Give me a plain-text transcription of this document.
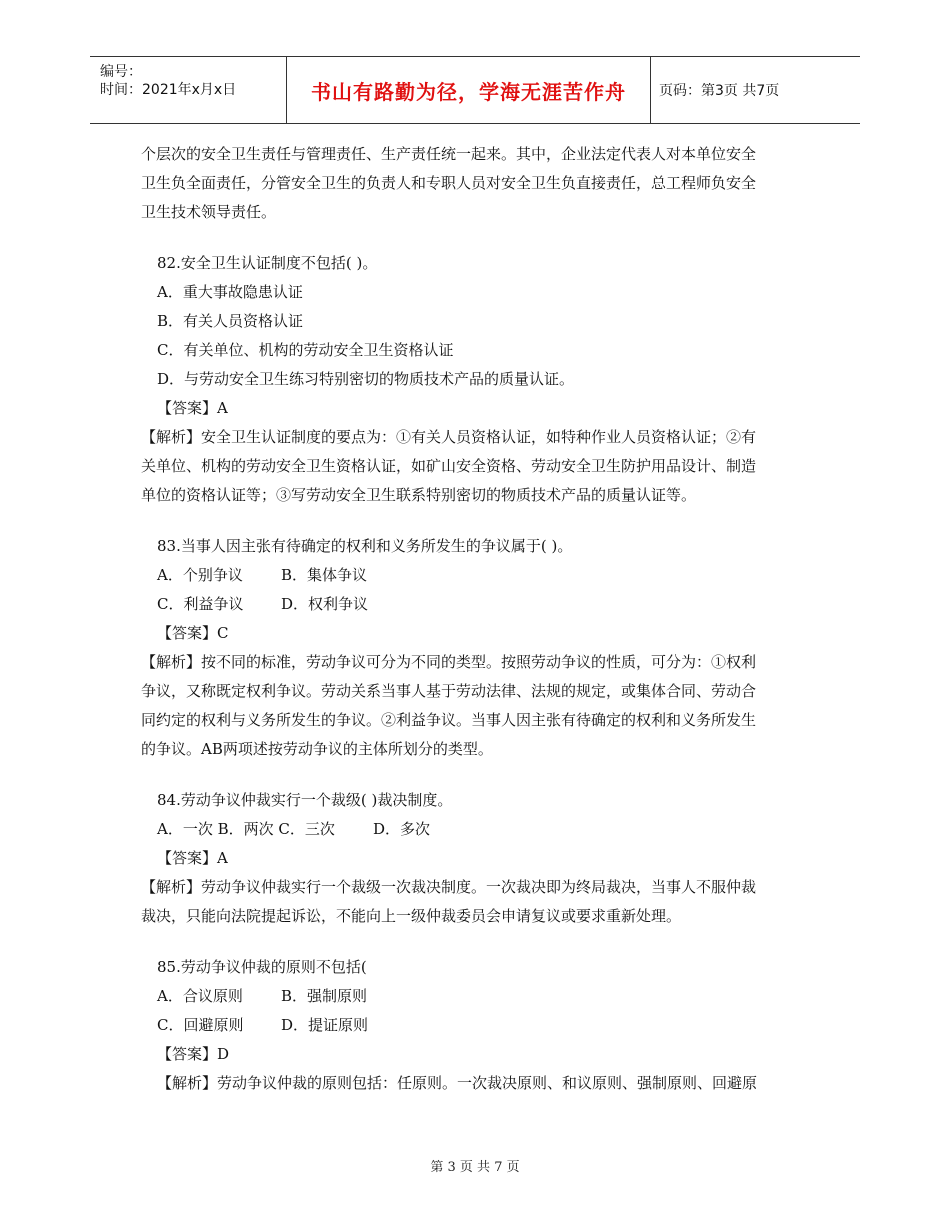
编号：
时间：2021年x月x日	书山有路勤为径，学海无涯苦作舟 页码：第3页 共7页

个层次的安全卫生责任与管理责任、生产责任统一起来。其中，企业法定代表人对本单位安全

卫生负全面责任，分管安全卫生的负责人和专职人员对安全卫生负直接责任，总工程师负安全

卫生技术领导责任。

82.安全卫生认证制度不包括( )。

A．重大事故隐患认证

B．有关人员资格认证

C．有关单位、机构的劳动安全卫生资格认证

D．与劳动安全卫生练习特别密切的物质技术产品的质量认证。

【答案】A

【解析】安全卫生认证制度的要点为：①有关人员资格认证，如特种作业人员资格认证；②有

关单位、机构的劳动安全卫生资格认证，如矿山安全资格、劳动安全卫生防护用品设计、制造

单位的资格认证等；③写劳动安全卫生联系特别密切的物质技术产品的质量认证等。

83.当事人因主张有待确定的权利和义务所发生的争议属于( )。

A．个别争议	B．集体争议
C．利益争议	D．权利争议

【答案】C

【解析】按不同的标准，劳动争议可分为不同的类型。按照劳动争议的性质，可分为：①权利

争议，又称既定权利争议。劳动关系当事人基于劳动法律、法规的规定，或集体合同、劳动合

同约定的权利与义务所发生的争议。②利益争议。当事人因主张有待确定的权利和义务所发生

的争议。AB两项述按劳动争议的主体所划分的类型。

84.劳动争议仲裁实行一个裁级( )裁决制度。

A．一次 B．两次 C．三次        D．多次

【答案】A

【解析】劳动争议仲裁实行一个裁级一次裁决制度。一次裁决即为终局裁决，当事人不服仲裁

裁决，只能向法院提起诉讼，不能向上一级仲裁委员会申请复议或要求重新处理。

85.劳动争议仲裁的原则不包括(

A．合议原则	B．强制原则
C．回避原则	D．提证原则

【答案】D

【解析】劳动争议仲裁的原则包括：任原则。一次裁决原则、和议原则、强制原则、回避原

第 3 页 共 7 页
